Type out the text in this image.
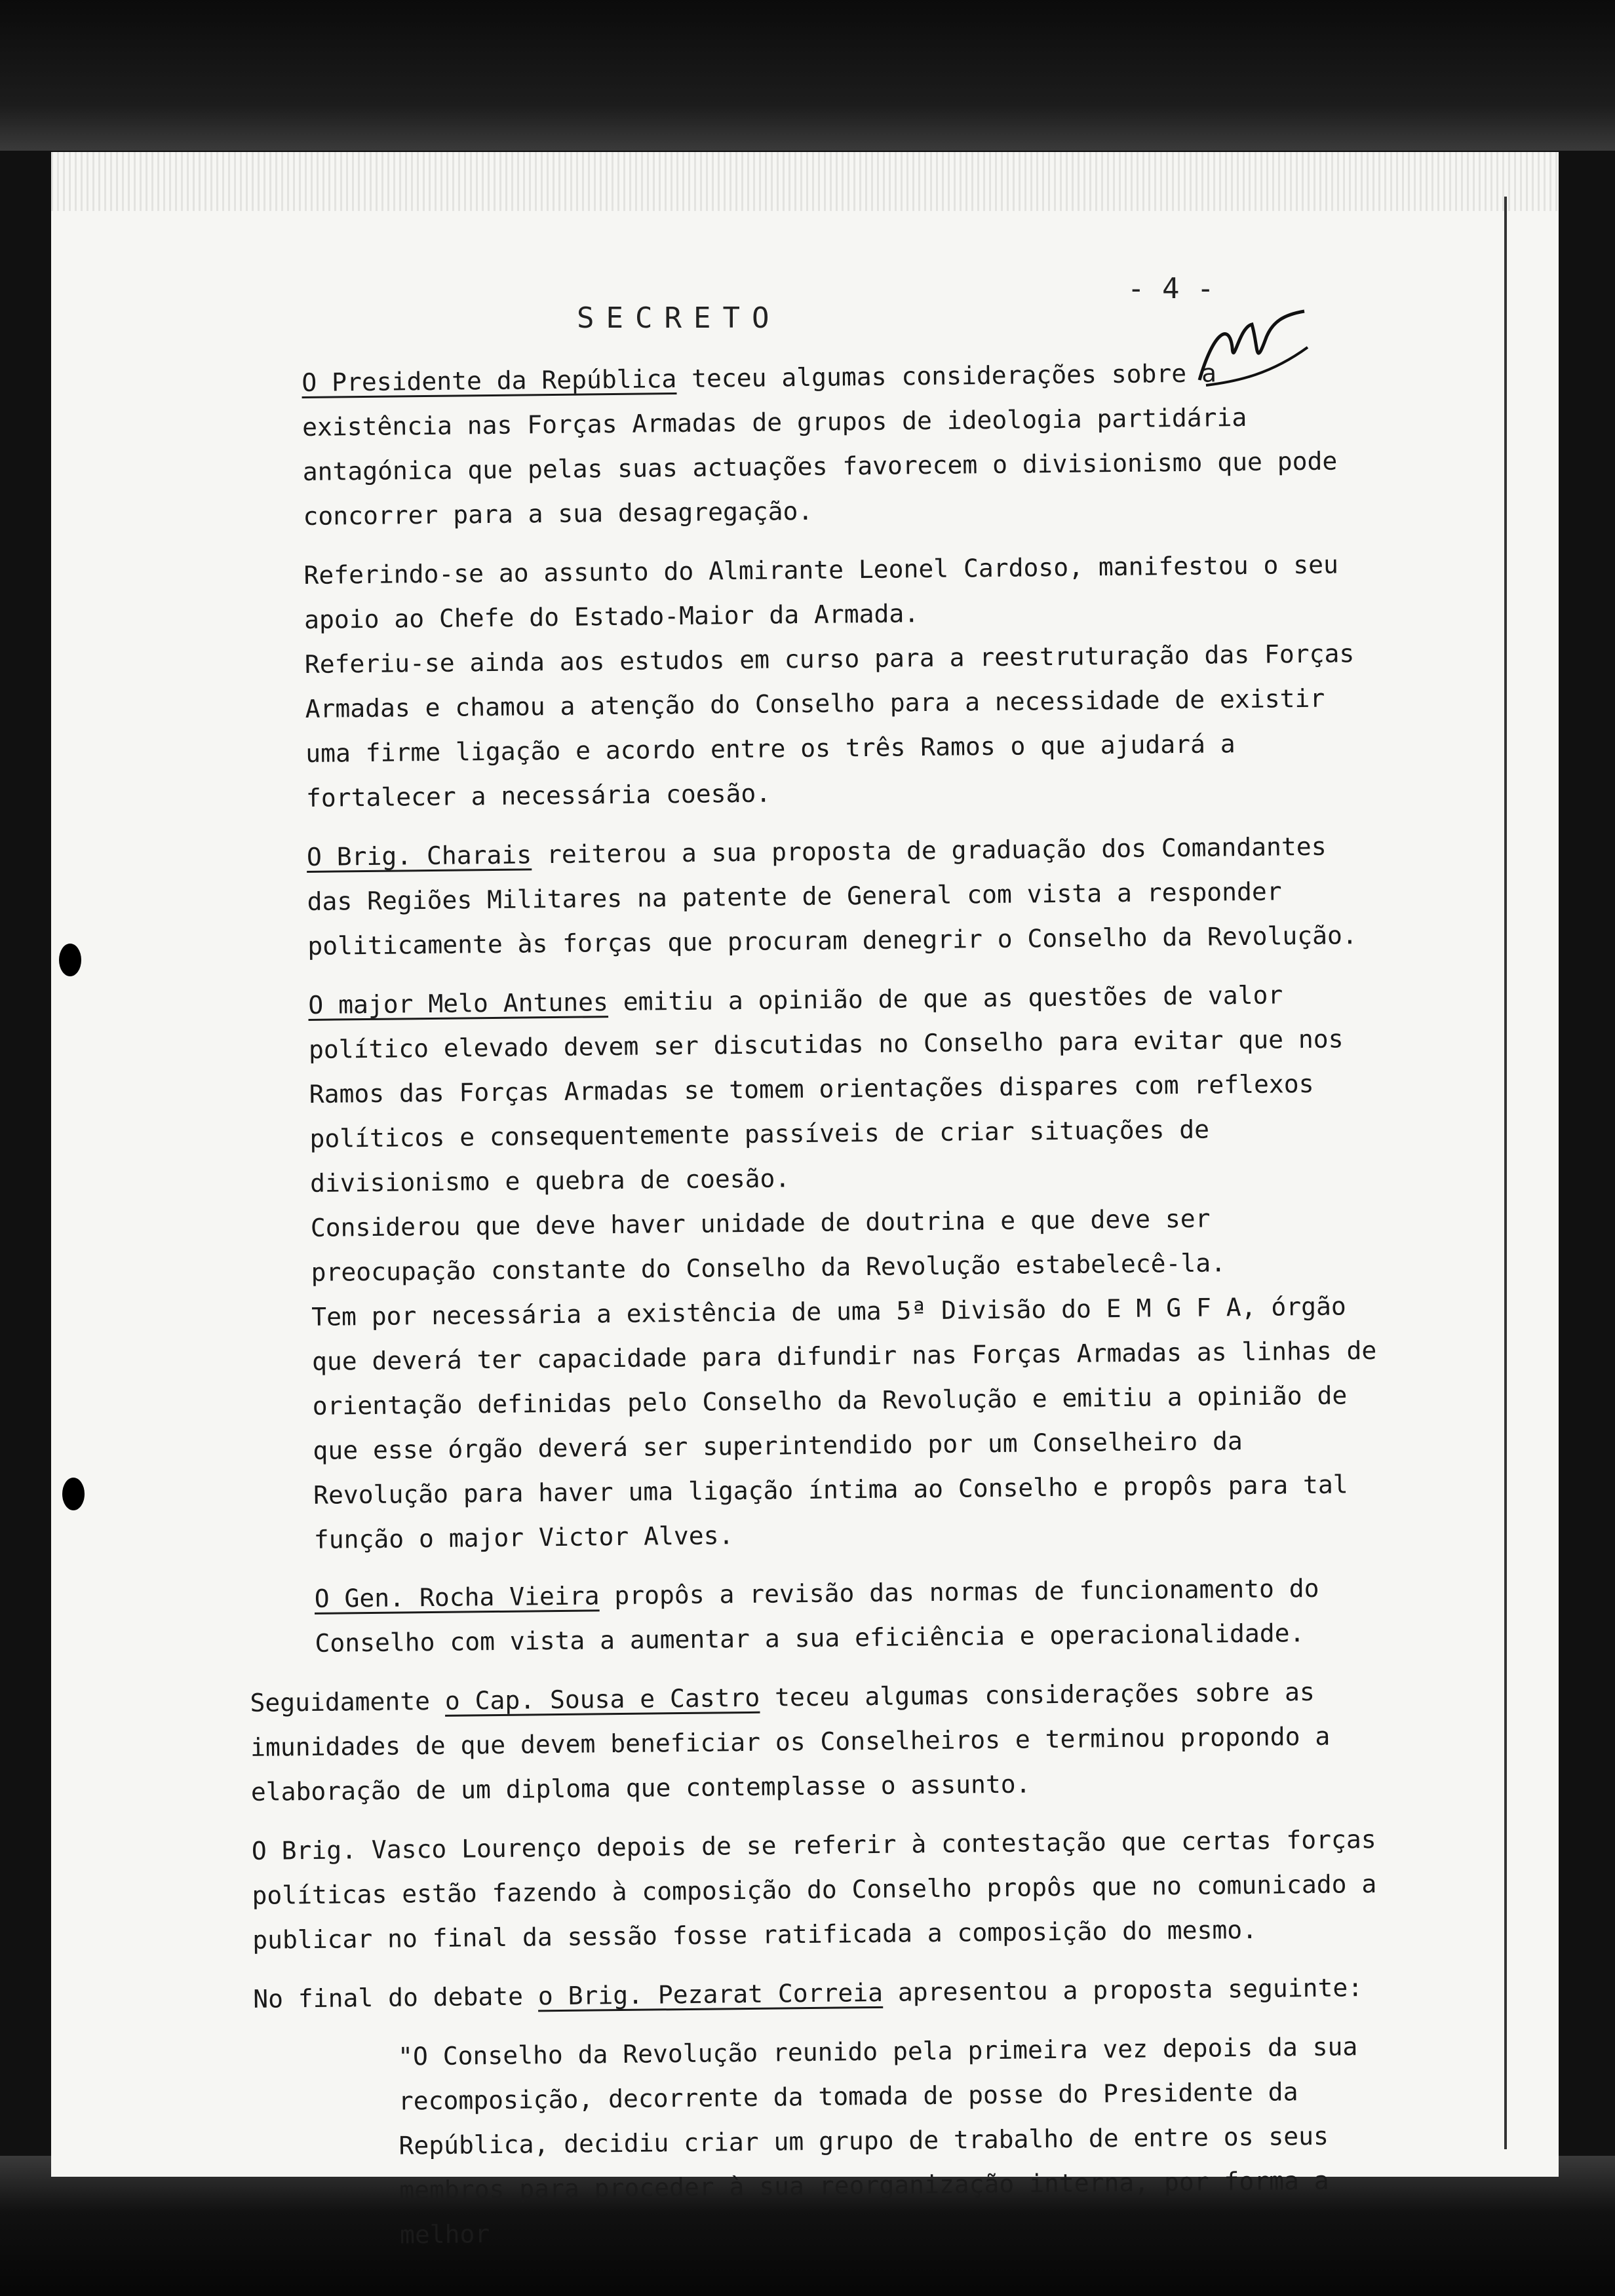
SECRETO
- 4 -

O Presidente da República teceu algumas considerações sobre a existência nas Forças Armadas de grupos de ideologia partidária antagónica que pelas suas actuações favorecem o divisionismo que pode concorrer para a sua desagregação.

Referindo-se ao assunto do Almirante Leonel Cardoso, manifestou o seu apoio ao Chefe do Estado-Maior da Armada.

Referiu-se ainda aos estudos em curso para a reestruturação das Forças Armadas e chamou a atenção do Conselho para a necessidade de existir uma firme ligação e acordo entre os três Ramos o que ajudará a fortalecer a necessária coesão.

O Brig. Charais reiterou a sua proposta de graduação dos Comandantes das Regiões Militares na patente de General com vista a responder politicamente às forças que procuram denegrir o Conselho da Revolução.

O major Melo Antunes emitiu a opinião de que as questões de valor político elevado devem ser discutidas no Conselho para evitar que nos Ramos das Forças Armadas se tomem orientações dispares com reflexos políticos e consequentemente passíveis de criar situações de divisionismo e quebra de coesão.

Considerou que deve haver unidade de doutrina e que deve ser preocupação constante do Conselho da Revolução estabelecê-la.

Tem por necessária a existência de uma 5ª Divisão do E M G F A, órgão que deverá ter capacidade para difundir nas Forças Armadas as linhas de orientação definidas pelo Conselho da Revolução e emitiu a opinião de que esse órgão deverá ser superintendido por um Conselheiro da Revolução para haver uma ligação íntima ao Conselho e propôs para tal função o major Victor Alves.

O Gen. Rocha Vieira propôs a revisão das normas de funcionamento do Conselho com vista a aumentar a sua eficiência e operacionalidade.

Seguidamente o Cap. Sousa e Castro teceu algumas considerações sobre as imunidades de que devem beneficiar os Conselheiros e terminou propondo a elaboração de um diploma que contemplasse o assunto.

O Brig. Vasco Lourenço depois de se referir à contestação que certas forças políticas estão fazendo à composição do Conselho propôs que no comunicado a publicar no final da sessão fosse ratificada a composição do mesmo.

No final do debate o Brig. Pezarat Correia apresentou a proposta seguinte:

"O Conselho da Revolução reunido pela primeira vez depois da sua recomposição, decorrente da tomada de posse do Presidente da República, decidiu criar um grupo de trabalho de entre os seus membros para proceder à sua reorganização interna, por forma a melhor
